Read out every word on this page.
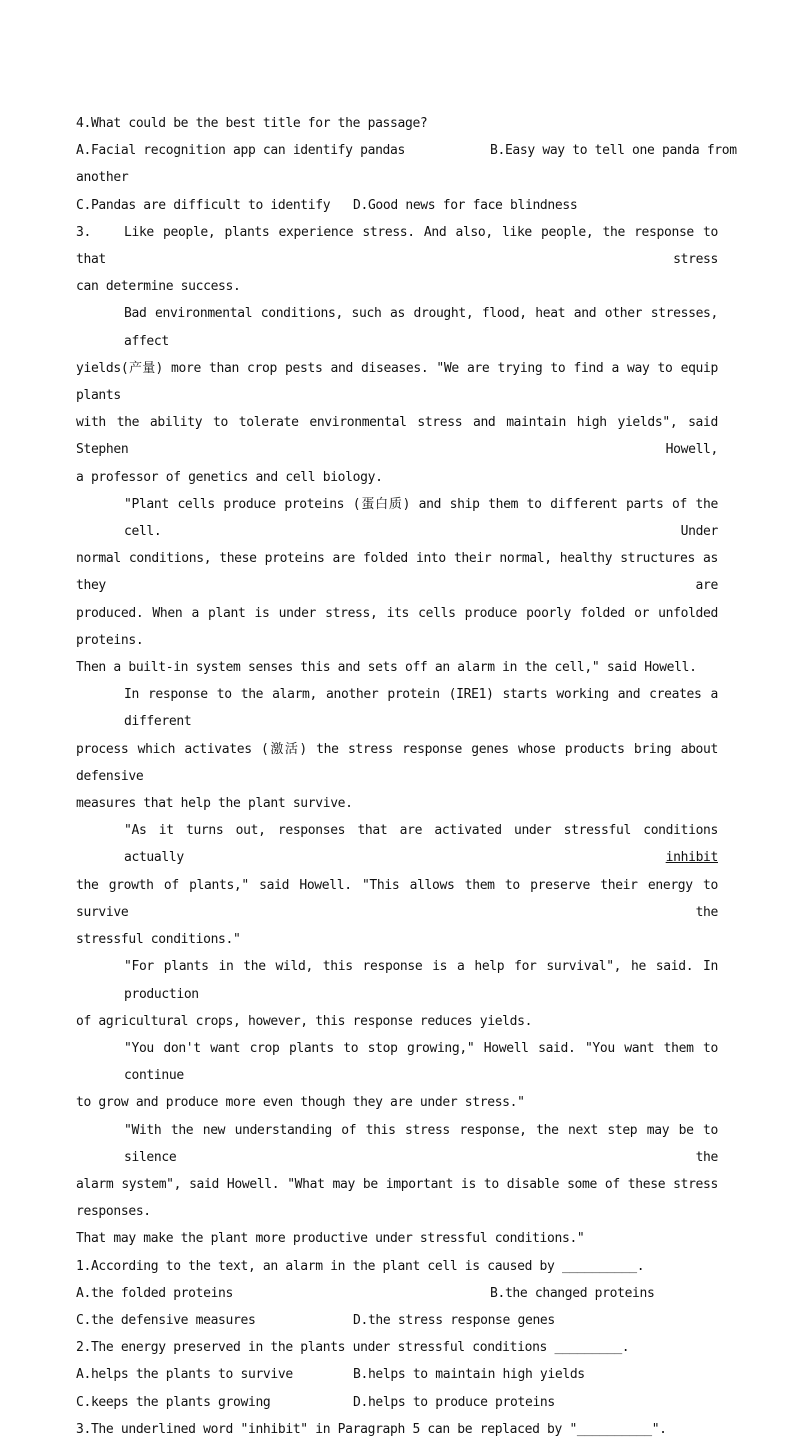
4.What could be the best title for the passage?
A.Facial recognition app can identify pandas	B.Easy way to tell one panda from
another
C.Pandas are difficult to identify	D.Good news for face blindness
3.	Like people, plants experience stress. And also, like people, the response to that stress
can determine success.
Bad environmental conditions, such as drought, flood, heat and other stresses, affect
yields(产量) more than crop pests and diseases. "We are trying to find a way to equip plants
with the ability to tolerate environmental stress and maintain high yields", said Stephen Howell,
a professor of genetics and cell biology.
"Plant cells produce proteins (蛋白质) and ship them to different parts of the cell. Under
normal conditions, these proteins are folded into their normal, healthy structures as they are
produced. When a plant is under stress, its cells produce poorly folded or unfolded proteins.
Then a built-in system senses this and sets off an alarm in the cell," said Howell.
In response to the alarm, another protein (IRE1) starts working and creates a different
process which activates (激活) the stress response genes whose products bring about defensive
measures that help the plant survive.
"As it turns out, responses that are activated under stressful conditions actually inhibit
the growth of plants," said Howell. "This allows them to preserve their energy to survive the
stressful conditions."
"For plants in the wild, this response is a help for survival", he said. In production
of agricultural crops, however, this response reduces yields.
"You don't want crop plants to stop growing," Howell said. "You want them to continue
to grow and produce more even though they are under stress."
"With the new understanding of this stress response, the next step may be to silence the
alarm system", said Howell. "What may be important is to disable some of these stress responses.
That may make the plant more productive under stressful conditions."
1.According to the text, an alarm in the plant cell is caused by __________.
A.the folded proteins	B.the changed proteins
C.the defensive measures	D.the stress response genes
2.The energy preserved in the plants under stressful conditions _________.
A.helps the plants to survive	B.helps to maintain high yields
C.keeps the plants growing	D.helps to produce proteins
3.The underlined word "inhibit" in Paragraph 5 can be replaced by "__________".
